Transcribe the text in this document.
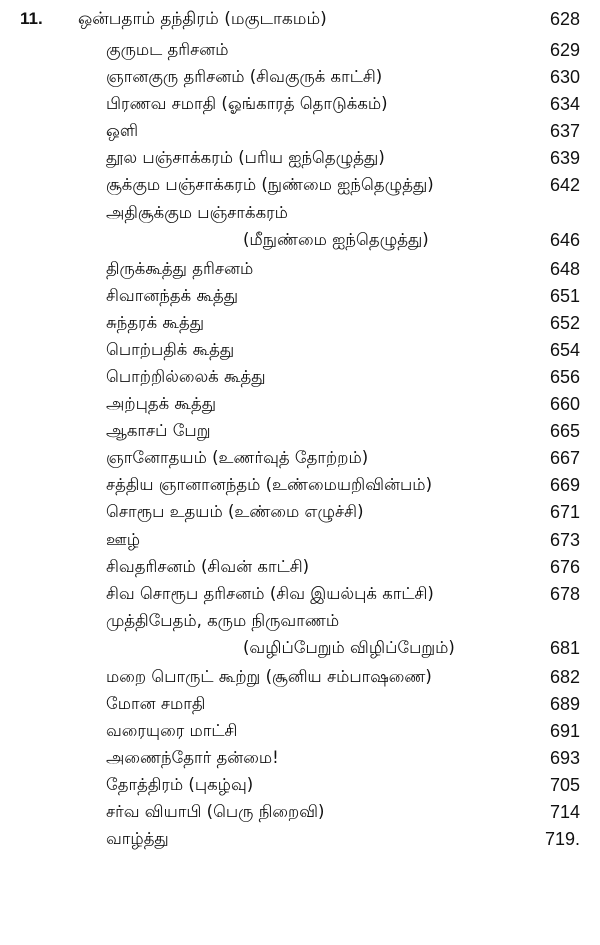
11. ஒன்பதாம் தந்திரம் (மகுடாகமம்)	628
குருமட தரிசனம்	629
ஞானகுரு தரிசனம் (சிவகுருக் காட்சி)	630
பிரணவ சமாதி (ஓங்காரத் தொடுக்கம்)	634
ஒளி	637
தூல பஞ்சாக்கரம் (பரிய ஐந்தெழுத்து)	639
சூக்கும பஞ்சாக்கரம் (நுண்மை ஐந்தெழுத்து)	642
அதிசூக்கும பஞ்சாக்கரம்
(மீநுண்மை ஐந்தெழுத்து)	646
திருக்கூத்து தரிசனம்	648
சிவானந்தக் கூத்து	651
சுந்தரக் கூத்து	652
பொற்பதிக் கூத்து	654
பொற்றில்லைக் கூத்து	656
அற்புதக் கூத்து	660
ஆகாசப் பேறு	665
ஞானோதயம் (உணர்வுத் தோற்றம்)	667
சத்திய ஞானானந்தம் (உண்மையறிவின்பம்)	669
சொரூப உதயம் (உண்மை எழுச்சி)	671
ஊழ்	673
சிவதரிசனம் (சிவன் காட்சி)	676
சிவ சொரூப தரிசனம் (சிவ இயல்புக் காட்சி)	678
முத்திபேதம், கரும நிருவாணம்
(வழிப்பேறும் விழிப்பேறும்)	681
மறை பொருட் கூற்று (சூனிய சம்பாஷணை)	682
மோன சமாதி	689
வரையுரை மாட்சி	691
அணைந்தோர் தன்மை!	693
தோத்திரம் (புகழ்வு)	705
சர்வ வியாபி (பெரு நிறைவி)	714
வாழ்த்து	719.
